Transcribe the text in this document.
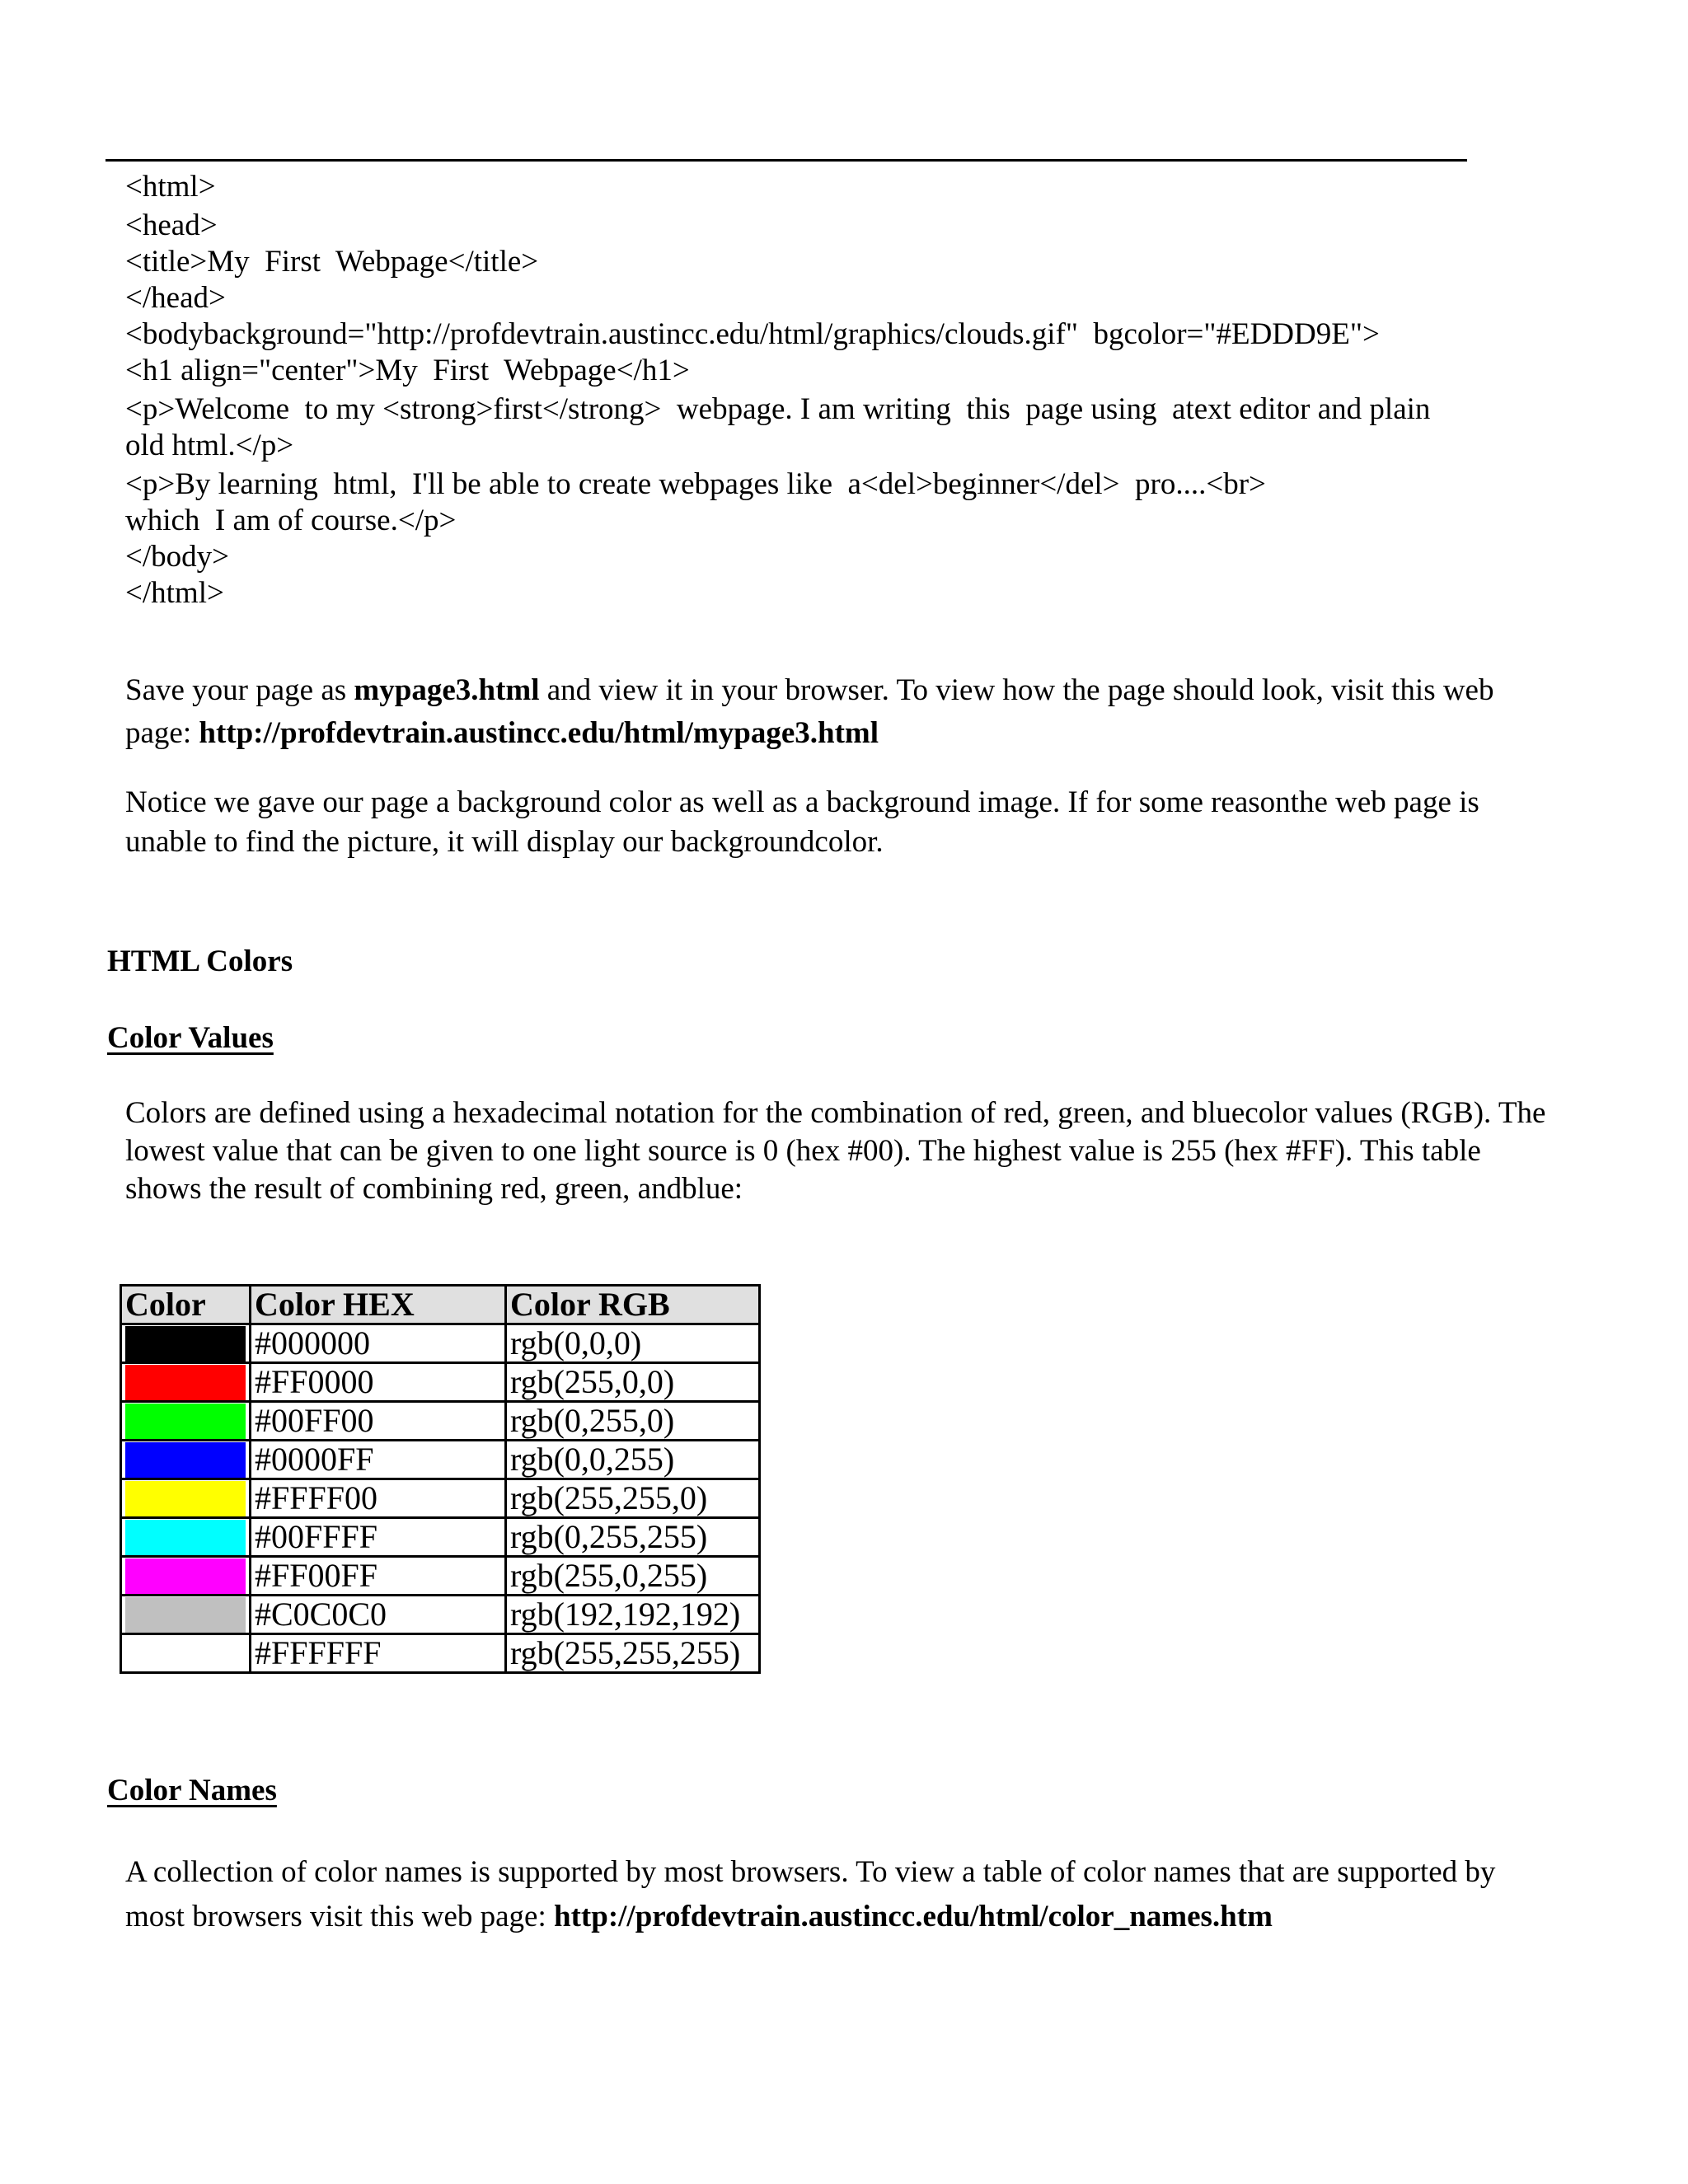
<html>
<head>
<title>My  First  Webpage</title>
</head>
<bodybackground="http://profdevtrain.austincc.edu/html/graphics/clouds.gif"  bgcolor="#EDDD9E">
<h1 align="center">My  First  Webpage</h1>
<p>Welcome  to my <strong>first</strong>  webpage. I am writing  this  page using  atext editor and plain
old html.</p>
<p>By learning  html,  I'll be able to create webpages like  a<del>beginner</del>  pro....<br>
which  I am of course.</p>
</body>
</html>
Save your page as mypage3.html and view it in your browser. To view how the page should look, visit this web page: http://profdevtrain.austincc.edu/html/mypage3.html
Notice we gave our page a background color as well as a background image. If for some reasonthe web page is unable to find the picture, it will display our backgroundcolor.
HTML Colors
Color Values
Colors are defined using a hexadecimal notation for the combination of red, green, and bluecolor values (RGB). The lowest value that can be given to one light source is 0 (hex #00). The highest value is 255 (hex #FF). This table shows the result of combining red, green, andblue:
Color	Color HEX	Color RGB

	#000000	rgb(0,0,0)

	#FF0000	rgb(255,0,0)

	#00FF00	rgb(0,255,0)

	#0000FF	rgb(0,0,255)

	#FFFF00	rgb(255,255,0)

	#00FFFF	rgb(0,255,255)

	#FF00FF	rgb(255,0,255)

	#C0C0C0	rgb(192,192,192)

	#FFFFFF	rgb(255,255,255)
Color Names
A collection of color names is supported by most browsers. To view a table of color names that are supported by most browsers visit this web page: http://profdevtrain.austincc.edu/html/color_names.htm
